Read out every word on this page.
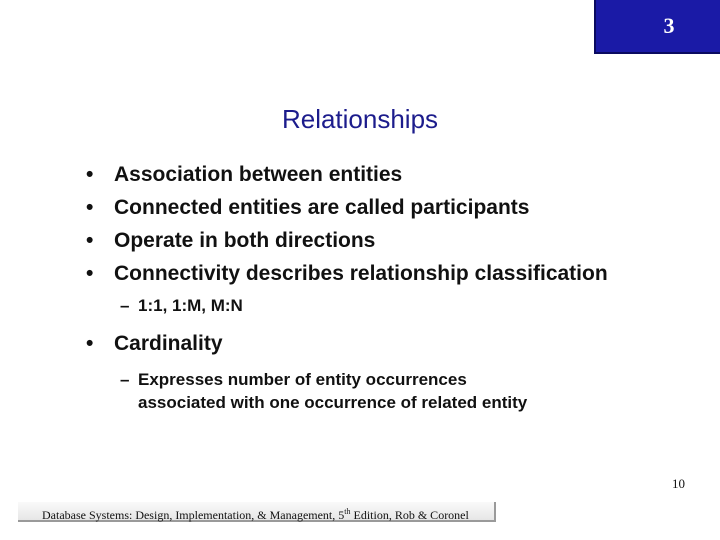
3
Relationships
• Association between entities
• Connected entities are called participants
• Operate in both directions
• Connectivity describes relationship classification
– 1:1, 1:M, M:N
• Cardinality
– Expresses number of entity occurrences
associated with one occurrence of related entity
Database Systems: Design, Implementation, & Management, 5th Edition, Rob & Coronel
10
